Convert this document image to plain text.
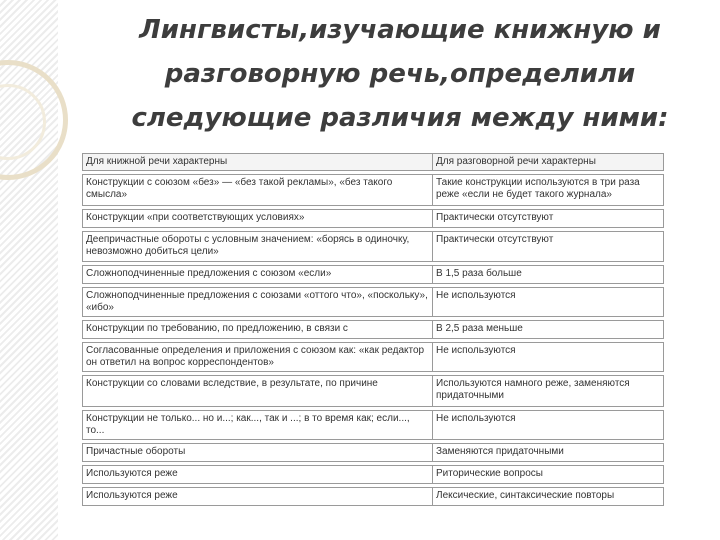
Лингвисты,изучающие книжную и разговорную речь,определили следующие различия между ними:
Для книжной речи характерны	Для разговорной речи характерны

Конструкции с союзом «без» — «без такой рекламы», «без такого смысла»	Такие конструкции используются в три раза реже «если не будет такого журнала»

Конструкции «при соответствующих условиях»	Практически отсутствуют

Деепричастные обороты с условным значением: «борясь в одиночку, невозможно добиться цели»	Практически отсутствуют

Сложноподчиненные предложения с союзом «если»	В 1,5 раза больше

Сложноподчиненные предложения с союзами «оттого что», «поскольку», «ибо»	Не используются

Конструкции по требованию, по предложению, в связи с	В 2,5 раза меньше

Согласованные определения и приложения с союзом как: «как редактор он ответил на вопрос корреспондентов»	Не используются

Конструкции со словами вследствие, в результате, по причине	Используются намного реже, заменяются придаточными

Конструкции не только... но и...; как..., так и ...; в то время как; если..., то...	Не используются

Причастные обороты	Заменяются придаточными

Используются реже	Риторические вопросы

Используются реже	Лексические, синтаксические повторы
